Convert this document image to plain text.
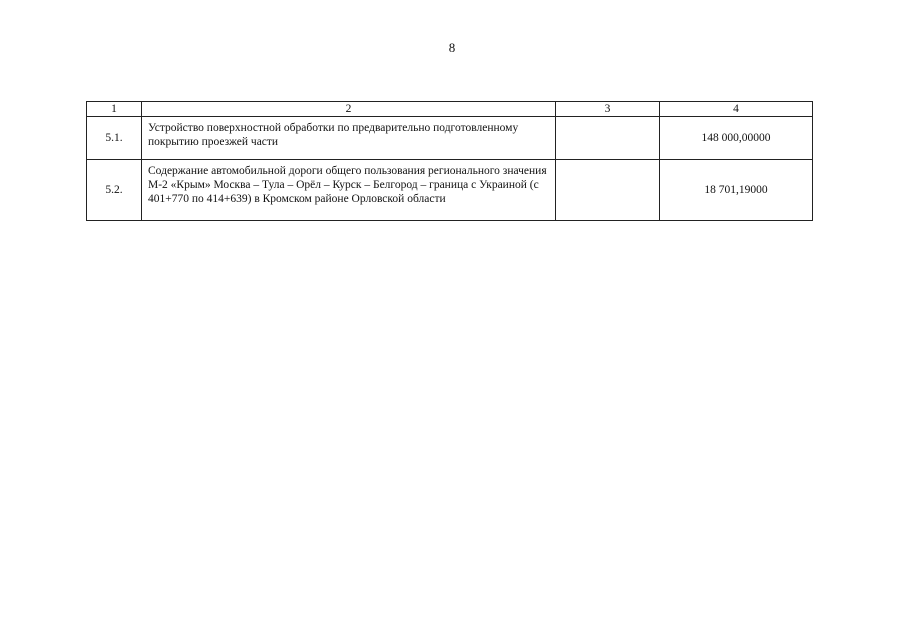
8
1	2	3	4
5.1.	Устройство поверхностной обработки по предварительно подготовленному покрытию проезжей части		148 000,00000
5.2.	Содержание автомобильной дороги общего пользования регионального значения М-2 «Крым» Москва – Тула – Орёл – Курск – Белгород – граница с Украиной (с 401+770 по 414+639) в Кромском районе Орловской области		18 701,19000
